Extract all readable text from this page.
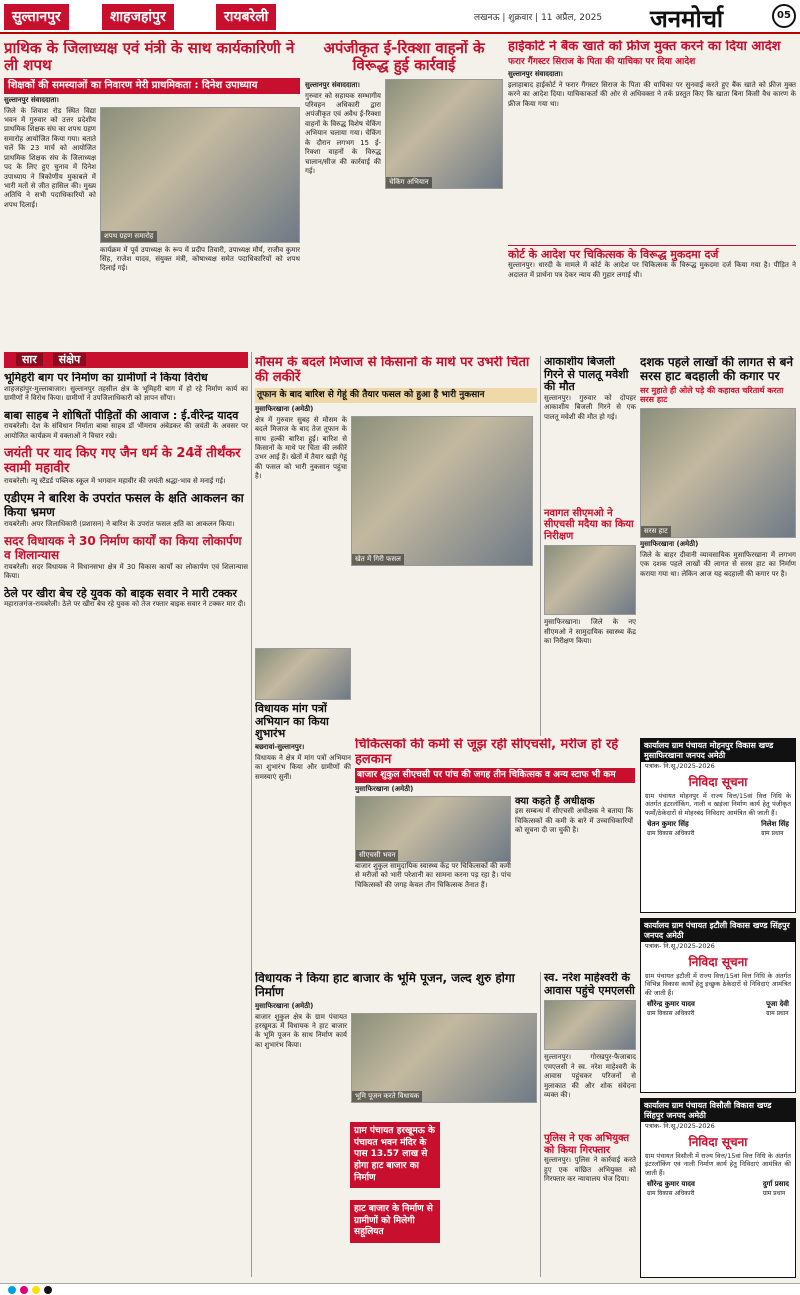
सुल्तानपुर	शाहजहांपुर	रायबरेली	लखनऊ | शुक्रवार | 11 अप्रैल, 2025 जनमोर्चा	05
प्राथिक के जिलाध्यक्ष एवं मंत्री के साथ कार्यकारिणी ने ली शपथ
शिक्षकों की समस्याओं का निवारण मेरी प्राथमिकता : दिनेश उपाध्याय
सुल्तानपुर संवाददाता।
जिले के शिवाश रोड स्थित विद्या भवन में गुरुवार को उत्तर प्रदेशीय प्राथमिक शिक्षक संघ का शपथ ग्रहण समारोह आयोजित किया गया। बताते चलें कि 23 मार्च को आयोजित प्राथमिक शिक्षक संघ के जिलाध्यक्ष पद के लिए हुए चुनाव में दिनेश उपाध्याय ने त्रिकोणीय मुकाबले में भारी मतों से जीत हासिल की। मुख्य अतिथि ने सभी पदाधिकारियों को शपथ दिलाई।
शपथ ग्रहण समारोह
कार्यक्रम में पूर्व उपाध्यक्ष के रूप में प्रदीप तिवारी, उपाध्यक्ष मौर्य, राजीव कुमार सिंह, राजेश यादव, संयुक्त मंत्री, कोषाध्यक्ष समेत पदाधिकारियों को शपथ दिलाई गई।
अपंजीकृत ई-रिक्शा वाहनों के विरूद्ध हुई कार्रवाई
सुल्तानपुर संवाददाता।
गुरुवार को सहायक सम्भागीय परिवहन अधिकारी द्वारा अपंजीकृत एवं अवैध ई-रिक्शा वाहनों के विरुद्ध विशेष चेकिंग अभियान चलाया गया। चेकिंग के दौरान लगभग 15 ई-रिक्शा वाहनों के विरुद्ध चालान/सीज की कार्रवाई की गई।
चेकिंग अभियान
हाईकोर्ट ने बैंक खाते को फ्रीज मुक्त करने का दिया आदेश
फरार गैंगस्टर सिराज के पिता की याचिका पर दिया आदेश
सुल्तानपुर संवाददाता।
इलाहाबाद हाईकोर्ट ने फरार गैंगस्टर सिराज के पिता की याचिका पर सुनवाई करते हुए बैंक खाते को फ्रीज मुक्त करने का आदेश दिया। याचिकाकर्ता की ओर से अधिवक्ता ने तर्क प्रस्तुत किए कि खाता बिना किसी वैध कारण के फ्रीज किया गया था।
कोर्ट के आदेश पर चिकित्सक के विरूद्ध मुकदमा दर्ज
सुल्तानपुर। धारदी के मामले में कोर्ट के आदेश पर चिकित्सक के विरूद्ध मुकदमा दर्ज किया गया है। पीड़ित ने अदालत में प्रार्थना पत्र देकर न्याय की गुहार लगाई थी।
सार संक्षेप
भूमिहरी बाग पर निर्माण का ग्रामीणों ने किया विरोध
शाहजहांपुर-मुल्लाबाजार। सुल्तानपुर तहसील क्षेत्र के भूमिहरी बाग में हो रहे निर्माण कार्य का ग्रामीणों ने विरोध किया। ग्रामीणों ने उपजिलाधिकारी को ज्ञापन सौंपा।
बाबा साहब ने शोषितों पीड़ितों की आवाज : ई.वीरेन्द्र यादव
रायबरेली। देश के संविधान निर्माता बाबा साहब डॉ भीमराव अंबेडकर की जयंती के अवसर पर आयोजित कार्यक्रम में वक्ताओं ने विचार रखे।
जयंती पर याद किए गए जैन धर्म के 24वें तीर्थंकर स्वामी महावीर
रायबरेली। न्यू स्टैंडर्ड पब्लिक स्कूल में भगवान महावीर की जयंती श्रद्धा-भाव से मनाई गई।
एडीएम ने बारिश के उपरांत फसल के क्षति आकलन का किया भ्रमण
रायबरेली। अपर जिलाधिकारी (प्रशासन) ने बारिश के उपरांत फसल क्षति का आकलन किया।
सदर विधायक ने 30 निर्माण कार्यों का किया लोकार्पण व शिलान्यास
रायबरेली। सदर विधायक ने विधानसभा क्षेत्र में 30 विकास कार्यों का लोकार्पण एवं शिलान्यास किया।
ठेले पर खीरा बेच रहे युवक को बाइक सवार ने मारी टक्कर
महाराजगंज-रायबरेली। ठेले पर खीरा बेच रहे युवक को तेज रफ्तार बाइक सवार ने टक्कर मार दी।
मौसम के बदले मिजाज से किसानों के माथे पर उभरी चिंता की लकीरें
तूफान के बाद बारिश से गेहूं की तैयार फसल को हुआ है भारी नुकसान
मुसाफिरखाना (अमेठी)
क्षेत्र में गुरुवार सुबह से मौसम के बदले मिजाज के बाद तेज तूफान के साथ हल्की बारिश हुई। बारिश से किसानों के माथे पर चिंता की लकीरें उभर आई हैं। खेतों में तैयार खड़ी गेहूं की फसल को भारी नुकसान पहुंचा है।
खेत में गिरी फसल
आकाशीय बिजली गिरने से पालतू मवेशी की मौत
सुल्तानपुर। गुरुवार को दोपहर आकाशीय बिजली गिरने से एक पालतू मवेशी की मौत हो गई।
नवागत सीएमओ ने सीएचसी मदैया का किया निरीक्षण
मुसाफिरखाना। जिले के नए सीएमओ ने सामुदायिक स्वास्थ्य केंद्र का निरीक्षण किया।
दशक पहले लाखों की लागत से बने सरस हाट बदहाली की कगार पर
सर मुहाते ही ओले पड़े की कहावत चरितार्थ करता सरस हाट
सरस हाट
मुसाफिरखाना (अमेठी)
जिले के बाहर दीवानी व्यावसायिक मुसाफिरखाना में लगभग एक दशक पहले लाखों की लागत से सरस हाट का निर्माण कराया गया था। लेकिन आज यह बदहाली की कगार पर है।
विधायक मांग पत्रों अभियान का किया शुभारंभ
बछरावां-सुल्तानपुर।
विधायक ने क्षेत्र में मांग पत्रों अभियान का शुभारंभ किया और ग्रामीणों की समस्याएं सुनीं।
चिकित्सकों की कमी से जूझ रही सीएचसी, मरीज हो रहे हलकान
बाजार शुकुल सीएचसी पर पांच की जगह तीन चिकित्सक व अन्य स्टाफ भी कम
मुसाफिरखाना (अमेठी)
सीएचसी भवन
बाजार शुकुल सामुदायिक स्वास्थ्य केंद्र पर चिकित्सकों की कमी से मरीजों को भारी परेशानी का सामना करना पड़ रहा है। पांच चिकित्सकों की जगह केवल तीन चिकित्सक तैनात हैं।
क्या कहते हैं अधीक्षक
इस सम्बन्ध में सीएचसी अधीक्षक ने बताया कि चिकित्सकों की कमी के बारे में उच्चाधिकारियों को सूचना दी जा चुकी है।
विधायक ने किया हाट बाजार के भूमि पूजन, जल्द शुरु होगा निर्माण
मुसाफिरखाना (अमेठी)
बाजार शुकुल क्षेत्र के ग्राम पंचायत हरखूमऊ में विधायक ने हाट बाजार के भूमि पूजन के साथ निर्माण कार्य का शुभारंभ किया।
भूमि पूजन करते विधायक
ग्राम पंचायत हरखूमऊ के पंचायत भवन मंदिर के पास 13.57 लाख से होगा हाट बाजार का निर्माण
हाट बाजार के निर्माण से ग्रामीणों को मिलेगी सहूलियत
स्व. नरेश माहेश्वरी के आवास पहुंचे एमएलसी
सुल्तानपुर। गोरखपुर-फैजाबाद एमएलसी ने स्व. नरेश माहेश्वरी के आवास पहुंचकर परिजनों से मुलाकात की और शोक संवेदना व्यक्त की।
पुलिस ने एक अभियुक्त को किया गिरफ्तार
सुल्तानपुर। पुलिस ने कार्रवाई करते हुए एक वांछित अभियुक्त को गिरफ्तार कर न्यायालय भेज दिया।
कार्यालय ग्राम पंचायत मोहनपुर विकास खण्ड मुसाफिरखाना जनपद अमेठी
पत्रांक- नि.सू./2025-2026
निविदा सूचना
ग्राम पंचायत मोहनपुर में राज्य वित्त/15वां वित्त निधि के अंतर्गत इंटरलॉकिंग, नाली व खड़ंजा निर्माण कार्य हेतु पंजीकृत फर्मों/ठेकेदारों से मोहरबंद निविदाएं आमंत्रित की जाती हैं।
चेतन कुमार सिंह
ग्राम विकास अधिकारी
निलेश सिंह
ग्राम प्रधान
कार्यालय ग्राम पंचायत इटौली विकास खण्ड सिंहपुर जनपद अमेठी
पत्रांक- नि.सू./2025-2026
निविदा सूचना
ग्राम पंचायत इटौली में राज्य वित्त/15वां वित्त निधि के अंतर्गत विभिन्न विकास कार्यों हेतु इच्छुक ठेकेदारों से निविदाएं आमंत्रित की जाती हैं।
सौरेन्द्र कुमार यादव
ग्राम विकास अधिकारी
पूजा देवी
ग्राम प्रधान
कार्यालय ग्राम पंचायत विसौली विकास खण्ड सिंहपुर जनपद अमेठी
पत्रांक- नि.सू./2025-2026
निविदा सूचना
ग्राम पंचायत विसौली में राज्य वित्त/15वां वित्त निधि के अंतर्गत इंटरलॉकिंग एवं नाली निर्माण कार्य हेतु निविदाएं आमंत्रित की जाती हैं।
सौरेन्द्र कुमार यादव
ग्राम विकास अधिकारी
दुर्गा प्रसाद
ग्राम प्रधान
